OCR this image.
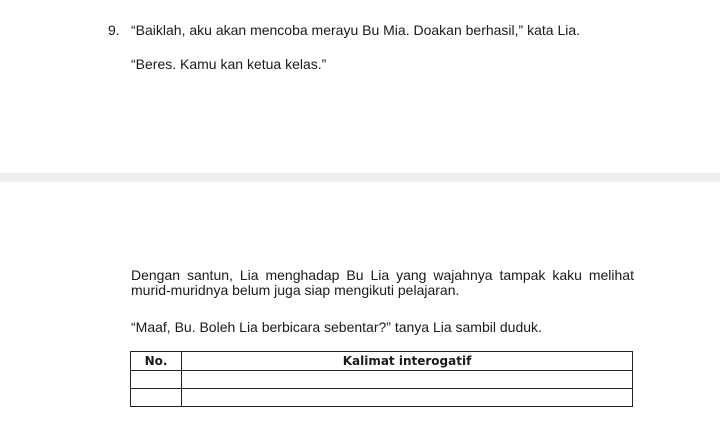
9. “Baiklah, aku akan mencoba merayu Bu Mia. Doakan berhasil,” kata Lia.
“Beres. Kamu kan ketua kelas.”
Dengan santun, Lia menghadap Bu Lia yang wajahnya tampak kaku melihat murid-muridnya belum juga siap mengikuti pelajaran.
“Maaf, Bu. Boleh Lia berbicara sebentar?” tanya Lia sambil duduk.
No.	Kalimat interogatif
